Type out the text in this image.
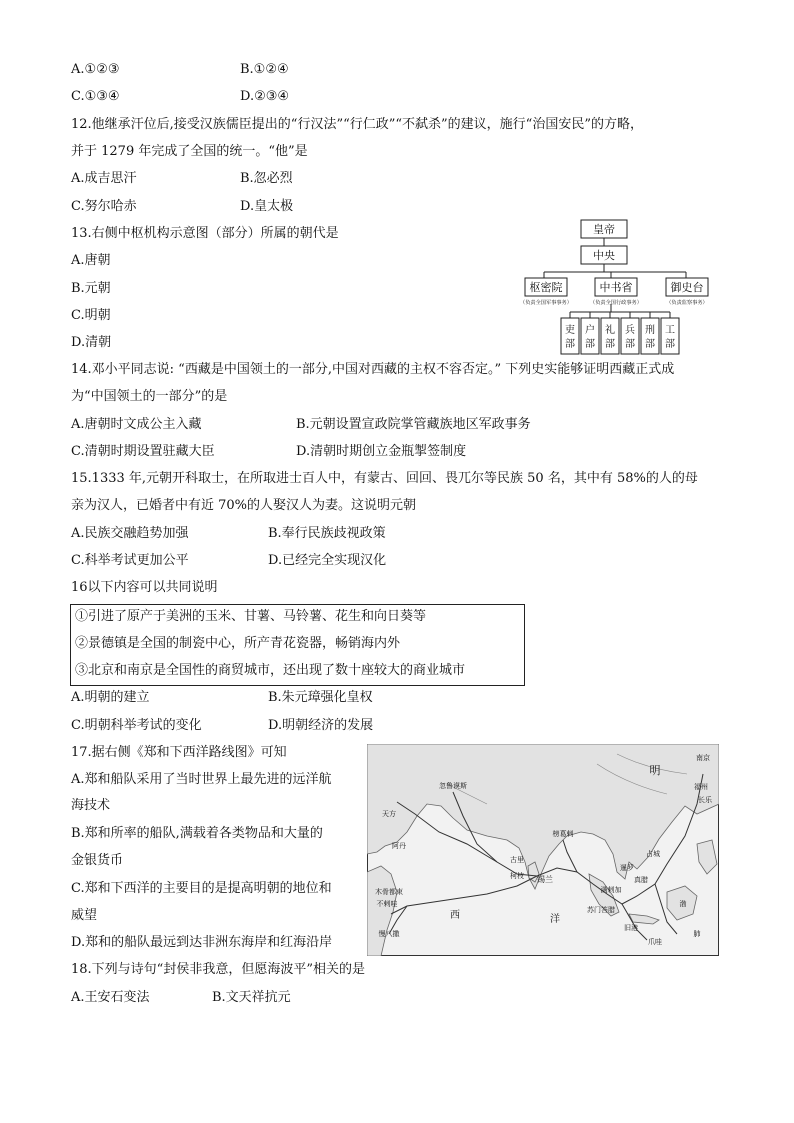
A.①②③	B.①②④
C.①③④	D.②③④
12.他继承汗位后,接受汉族儒臣提出的“行汉法”“行仁政”“不弑杀”的建议，施行“治国安民”的方略，
并于 1279 年完成了全国的统一。“他”是
A.成吉思汗	B.忽必烈
C.努尔哈赤	D.皇太极
13.右侧中枢机构示意图（部分）所属的朝代是
A.唐朝
B.元朝
C.明朝
D.清朝
皇帝
中央
枢密院	中书省	御史台
（负责全国军事事务）	（负责全国行政事务）	（负责监察事务）
吏部
户部
礼部
兵部
刑部
工部
14.邓小平同志说: “西藏是中国领土的一部分,中国对西藏的主权不容否定。” 下列史实能够证明西藏正式成
为“中国领土的一部分”的是
A.唐朝时文成公主入藏	B.元朝设置宣政院掌管藏族地区军政事务
C.清朝时期设置驻藏大臣	D.清朝时期创立金瓶掣签制度
15.1333 年,元朝开科取士，在所取进士百人中，有蒙古、回回、畏兀尔等民族 50 名，其中有 58%的人的母
亲为汉人，已婚者中有近 70%的人娶汉人为妻。这说明元朝
A.民族交融趋势加强	B.奉行民族歧视政策
C.科举考试更加公平	D.已经完全实现汉化
16以下内容可以共同说明
①引进了原产于美洲的玉米、甘薯、马铃薯、花生和向日葵等
②景德镇是全国的制瓷中心，所产青花瓷器，畅销海内外
③北京和南京是全国性的商贸城市，还出现了数十座较大的商业城市
A.明朝的建立	B.朱元璋强化皇权
C.明朝科举考试的变化	D.明朝经济的发展
17.据右侧《郑和下西洋路线图》可知
A.郑和船队采用了当时世界上最先进的远洋航
海技术
B.郑和所率的船队,满载着各类物品和大量的
金银货币
C.郑和下西洋的主要目的是提高明朝的地位和
威望
D.郑和的船队最远到达非洲东海岸和红海沿岸
明
南京
福州
长乐
忽鲁谟斯
天方
阿丹
榜葛剌
古里
柯枝 锡兰
暹罗
占城
真腊
满剌加
苏门答腊
旧港
爪哇
渤
木骨都束
不剌哇
慢八撒
西	洋
肺
18.下列与诗句“封侯非我意，但愿海波平”相关的是
A.王安石变法	B.文天祥抗元
